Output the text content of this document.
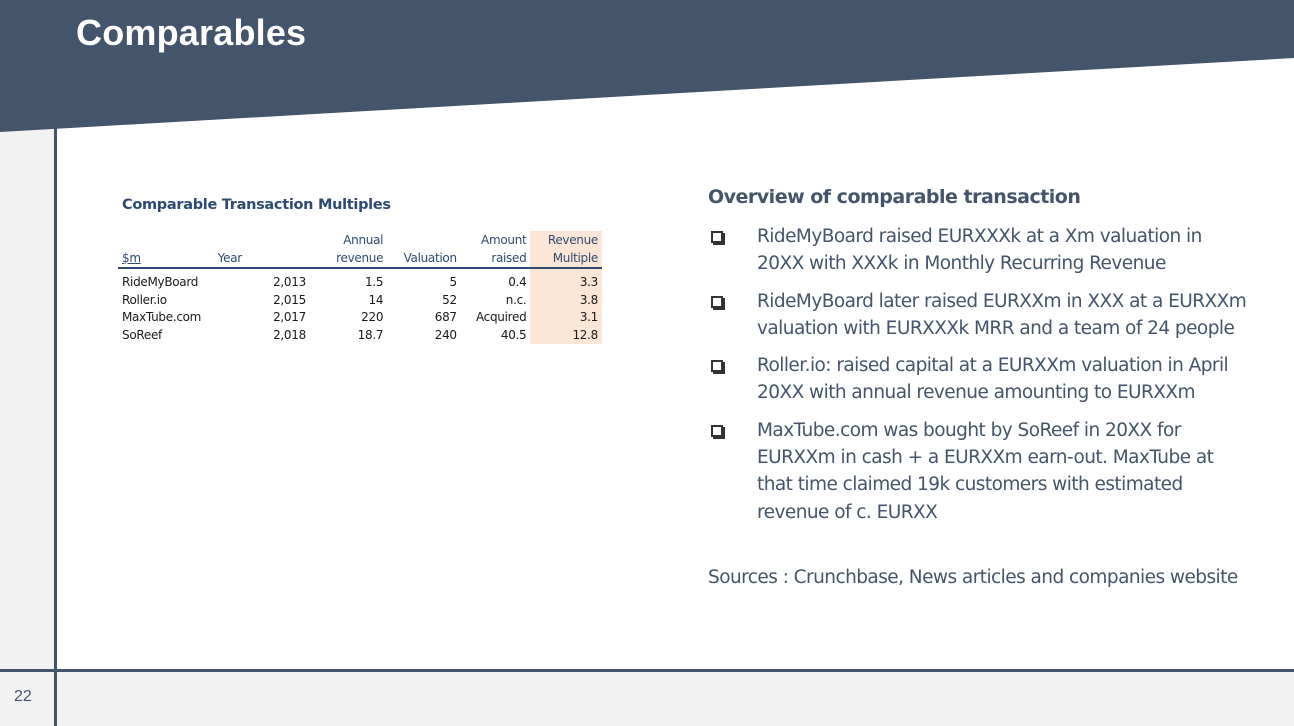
Comparables
Comparable Transaction Multiples
		Annual		Amount	Revenue
$m	Year	revenue	Valuation	raised	Multiple
RideMyBoard	2,013	1.5	5	0.4	3.3
Roller.io	2,015	14	52	n.c.	3.8
MaxTube.com	2,017	220	687	Acquired	3.1
SoReef	2,018	18.7	240	40.5	12.8
Overview of comparable transaction
RideMyBoard raised EURXXXk at a Xm valuation in 20XX with XXXk in Monthly Recurring Revenue
RideMyBoard later raised EURXXm in XXX at a EURXXm valuation with EURXXXk MRR and a team of 24 people
Roller.io: raised capital at a EURXXm valuation in April 20XX with annual revenue amounting to EURXXm
MaxTube.com was bought by SoReef in 20XX for EURXXm in cash + a EURXXm earn-out. MaxTube at that time claimed 19k customers with estimated revenue of c. EURXX
Sources : Crunchbase, News articles and companies website
22
